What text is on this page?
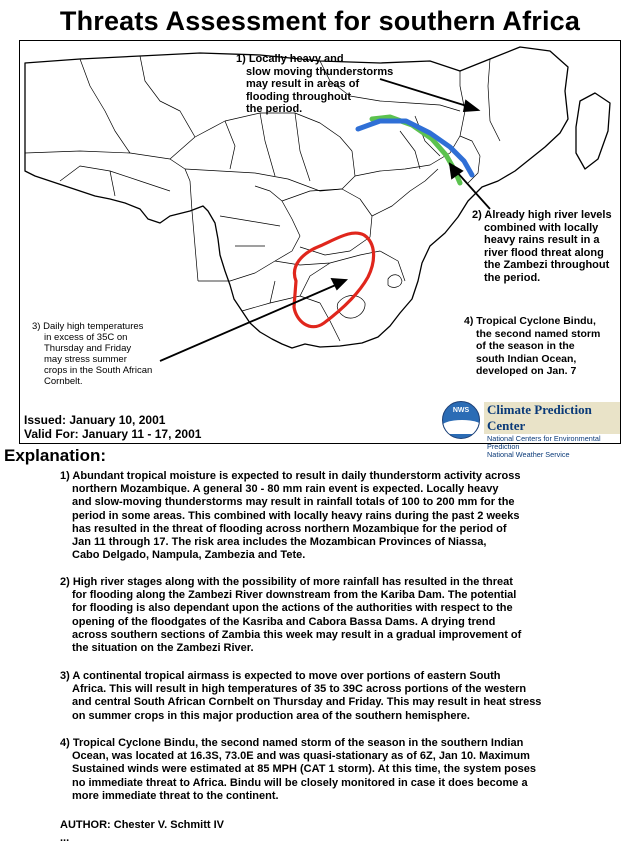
Threats Assessment for southern Africa
1) Locally heavy and
slow moving thunderstorms
may result in areas of
flooding throughout
the period.
2) Already high river levels
combined with locally
heavy rains result in a
river flood threat along
the Zambezi throughout
the period.
3) Daily high temperatures
in excess of 35C on
Thursday and Friday
may stress summer
crops in the South African
Cornbelt.
4) Tropical Cyclone Bindu,
the second named storm
of the season in the
south Indian Ocean,
developed on Jan. 7
Issued: January 10, 2001
Valid For: January 11 - 17, 2001
NWS	Climate Prediction Center
National Centers for Environmental Prediction
National Weather Service
Explanation:
1) Abundant tropical moisture is expected to result in daily thunderstorm activity across
northern Mozambique. A general 30 - 80 mm rain event is expected. Locally heavy
and slow-moving thunderstorms may result in rainfall totals of 100 to 200 mm for the
period in some areas. This combined with locally heavy rains during the past 2 weeks
has resulted in the threat of flooding across northern Mozambique for the period of
Jan 11 through 17. The risk area includes the Mozambican Provinces of Niassa,
Cabo Delgado, Nampula, Zambezia and Tete.
2) High river stages along with the possibility of more rainfall has resulted in the threat
for flooding along the Zambezi River downstream from the Kariba Dam. The potential
for flooding is also dependant upon the actions of the authorities with respect to the
opening of the floodgates of the Kasriba and Cabora Bassa Dams. A drying trend
across southern sections of Zambia this week may result in a gradual improvement of
the situation on the Zambezi River.
3) A continental tropical airmass is expected to move over portions of eastern South
Africa. This will result in high temperatures of 35 to 39C across portions of the western
and central South African Cornbelt on Thursday and Friday. This may result in heat stress
on summer crops in this major production area of the southern hemisphere.
4) Tropical Cyclone Bindu, the second named storm of the season in the southern Indian
Ocean, was located at 16.3S, 73.0E and was quasi-stationary as of 6Z, Jan 10. Maximum
Sustained winds were estimated at 85 MPH (CAT 1 storm). At this time, the system poses
no immediate threat to Africa. Bindu will be closely monitored in case it does become a
more immediate threat to the continent.
AUTHOR: Chester V. Schmitt IV
...
